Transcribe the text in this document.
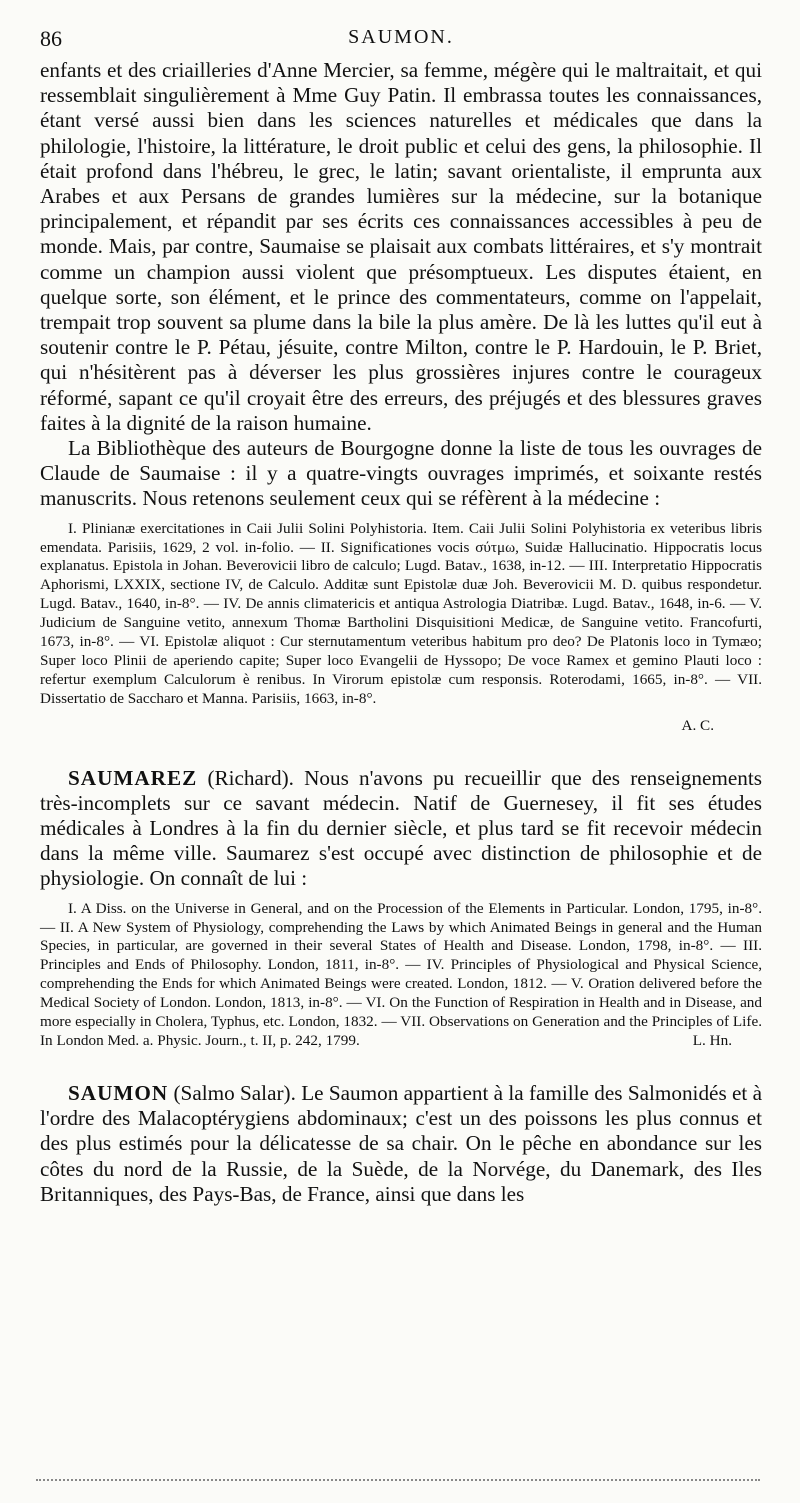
86	SAUMON.

enfants et des criailleries d'Anne Mercier, sa femme, mégère qui le maltraitait, et qui ressemblait singulièrement à Mme Guy Patin. Il embrassa toutes les connaissances, étant versé aussi bien dans les sciences naturelles et médicales que dans la philologie, l'histoire, la littérature, le droit public et celui des gens, la philosophie. Il était profond dans l'hébreu, le grec, le latin; savant orientaliste, il emprunta aux Arabes et aux Persans de grandes lumières sur la médecine, sur la botanique principalement, et répandit par ses écrits ces connaissances accessibles à peu de monde. Mais, par contre, Saumaise se plaisait aux combats littéraires, et s'y montrait comme un champion aussi violent que présomptueux. Les disputes étaient, en quelque sorte, son élément, et le prince des commentateurs, comme on l'appelait, trempait trop souvent sa plume dans la bile la plus amère. De là les luttes qu'il eut à soutenir contre le P. Pétau, jésuite, contre Milton, contre le P. Hardouin, le P. Briet, qui n'hésitèrent pas à déverser les plus grossières injures contre le courageux réformé, sapant ce qu'il croyait être des erreurs, des préjugés et des blessures graves faites à la dignité de la raison humaine.

La Bibliothèque des auteurs de Bourgogne donne la liste de tous les ouvrages de Claude de Saumaise : il y a quatre-vingts ouvrages imprimés, et soixante restés manuscrits. Nous retenons seulement ceux qui se réfèrent à la médecine :

I. Plinianæ exercitationes in Caii Julii Solini Polyhistoria. Item. Caii Julii Solini Polyhistoria ex veteribus libris emendata. Parisiis, 1629, 2 vol. in-folio. — II. Significationes vocis σύτμω, Suidæ Hallucinatio. Hippocratis locus explanatus. Epistola in Johan. Beverovicii libro de calculo; Lugd. Batav., 1638, in-12. — III. Interpretatio Hippocratis Aphorismi, LXXIX, sectione IV, de Calculo. Additæ sunt Epistolæ duæ Joh. Beverovicii M. D. quibus respondetur. Lugd. Batav., 1640, in-8°. — IV. De annis climatericis et antiqua Astrologia Diatribæ. Lugd. Batav., 1648, in-6. — V. Judicium de Sanguine vetito, annexum Thomæ Bartholini Disquisitioni Medicæ, de Sanguine vetito. Francofurti, 1673, in-8°. — VI. Epistolæ aliquot : Cur sternutamentum veteribus habitum pro deo? De Platonis loco in Tymæo; Super loco Plinii de aperiendo capite; Super loco Evangelii de Hyssopo; De voce Ramex et gemino Plauti loco : refertur exemplum Calculorum è renibus. In Virorum epistolæ cum responsis. Roterodami, 1665, in-8°. — VII. Dissertatio de Saccharo et Manna. Parisiis, 1663, in-8°.

A. C.

SAUMAREZ (Richard). Nous n'avons pu recueillir que des renseignements très-incomplets sur ce savant médecin. Natif de Guernesey, il fit ses études médicales à Londres à la fin du dernier siècle, et plus tard se fit recevoir médecin dans la même ville. Saumarez s'est occupé avec distinction de philosophie et de physiologie. On connaît de lui :

I. A Diss. on the Universe in General, and on the Procession of the Elements in Particular. London, 1795, in-8°. — II. A New System of Physiology, comprehending the Laws by which Animated Beings in general and the Human Species, in particular, are governed in their several States of Health and Disease. London, 1798, in-8°. — III. Principles and Ends of Philosophy. London, 1811, in-8°. — IV. Principles of Physiological and Physical Science, comprehending the Ends for which Animated Beings were created. London, 1812. — V. Oration delivered before the Medical Society of London. London, 1813, in-8°. — VI. On the Function of Respiration in Health and in Disease, and more especially in Cholera, Typhus, etc. London, 1832. — VII. Observations on Generation and the Principles of Life. In London Med. a. Physic. Journ., t. II, p. 242, 1799.	L. Hn.

SAUMON (Salmo Salar). Le Saumon appartient à la famille des Salmonidés et à l'ordre des Malacoptérygiens abdominaux; c'est un des poissons les plus connus et des plus estimés pour la délicatesse de sa chair. On le pêche en abondance sur les côtes du nord de la Russie, de la Suède, de la Norvége, du Danemark, des Iles Britanniques, des Pays-Bas, de France, ainsi que dans les
